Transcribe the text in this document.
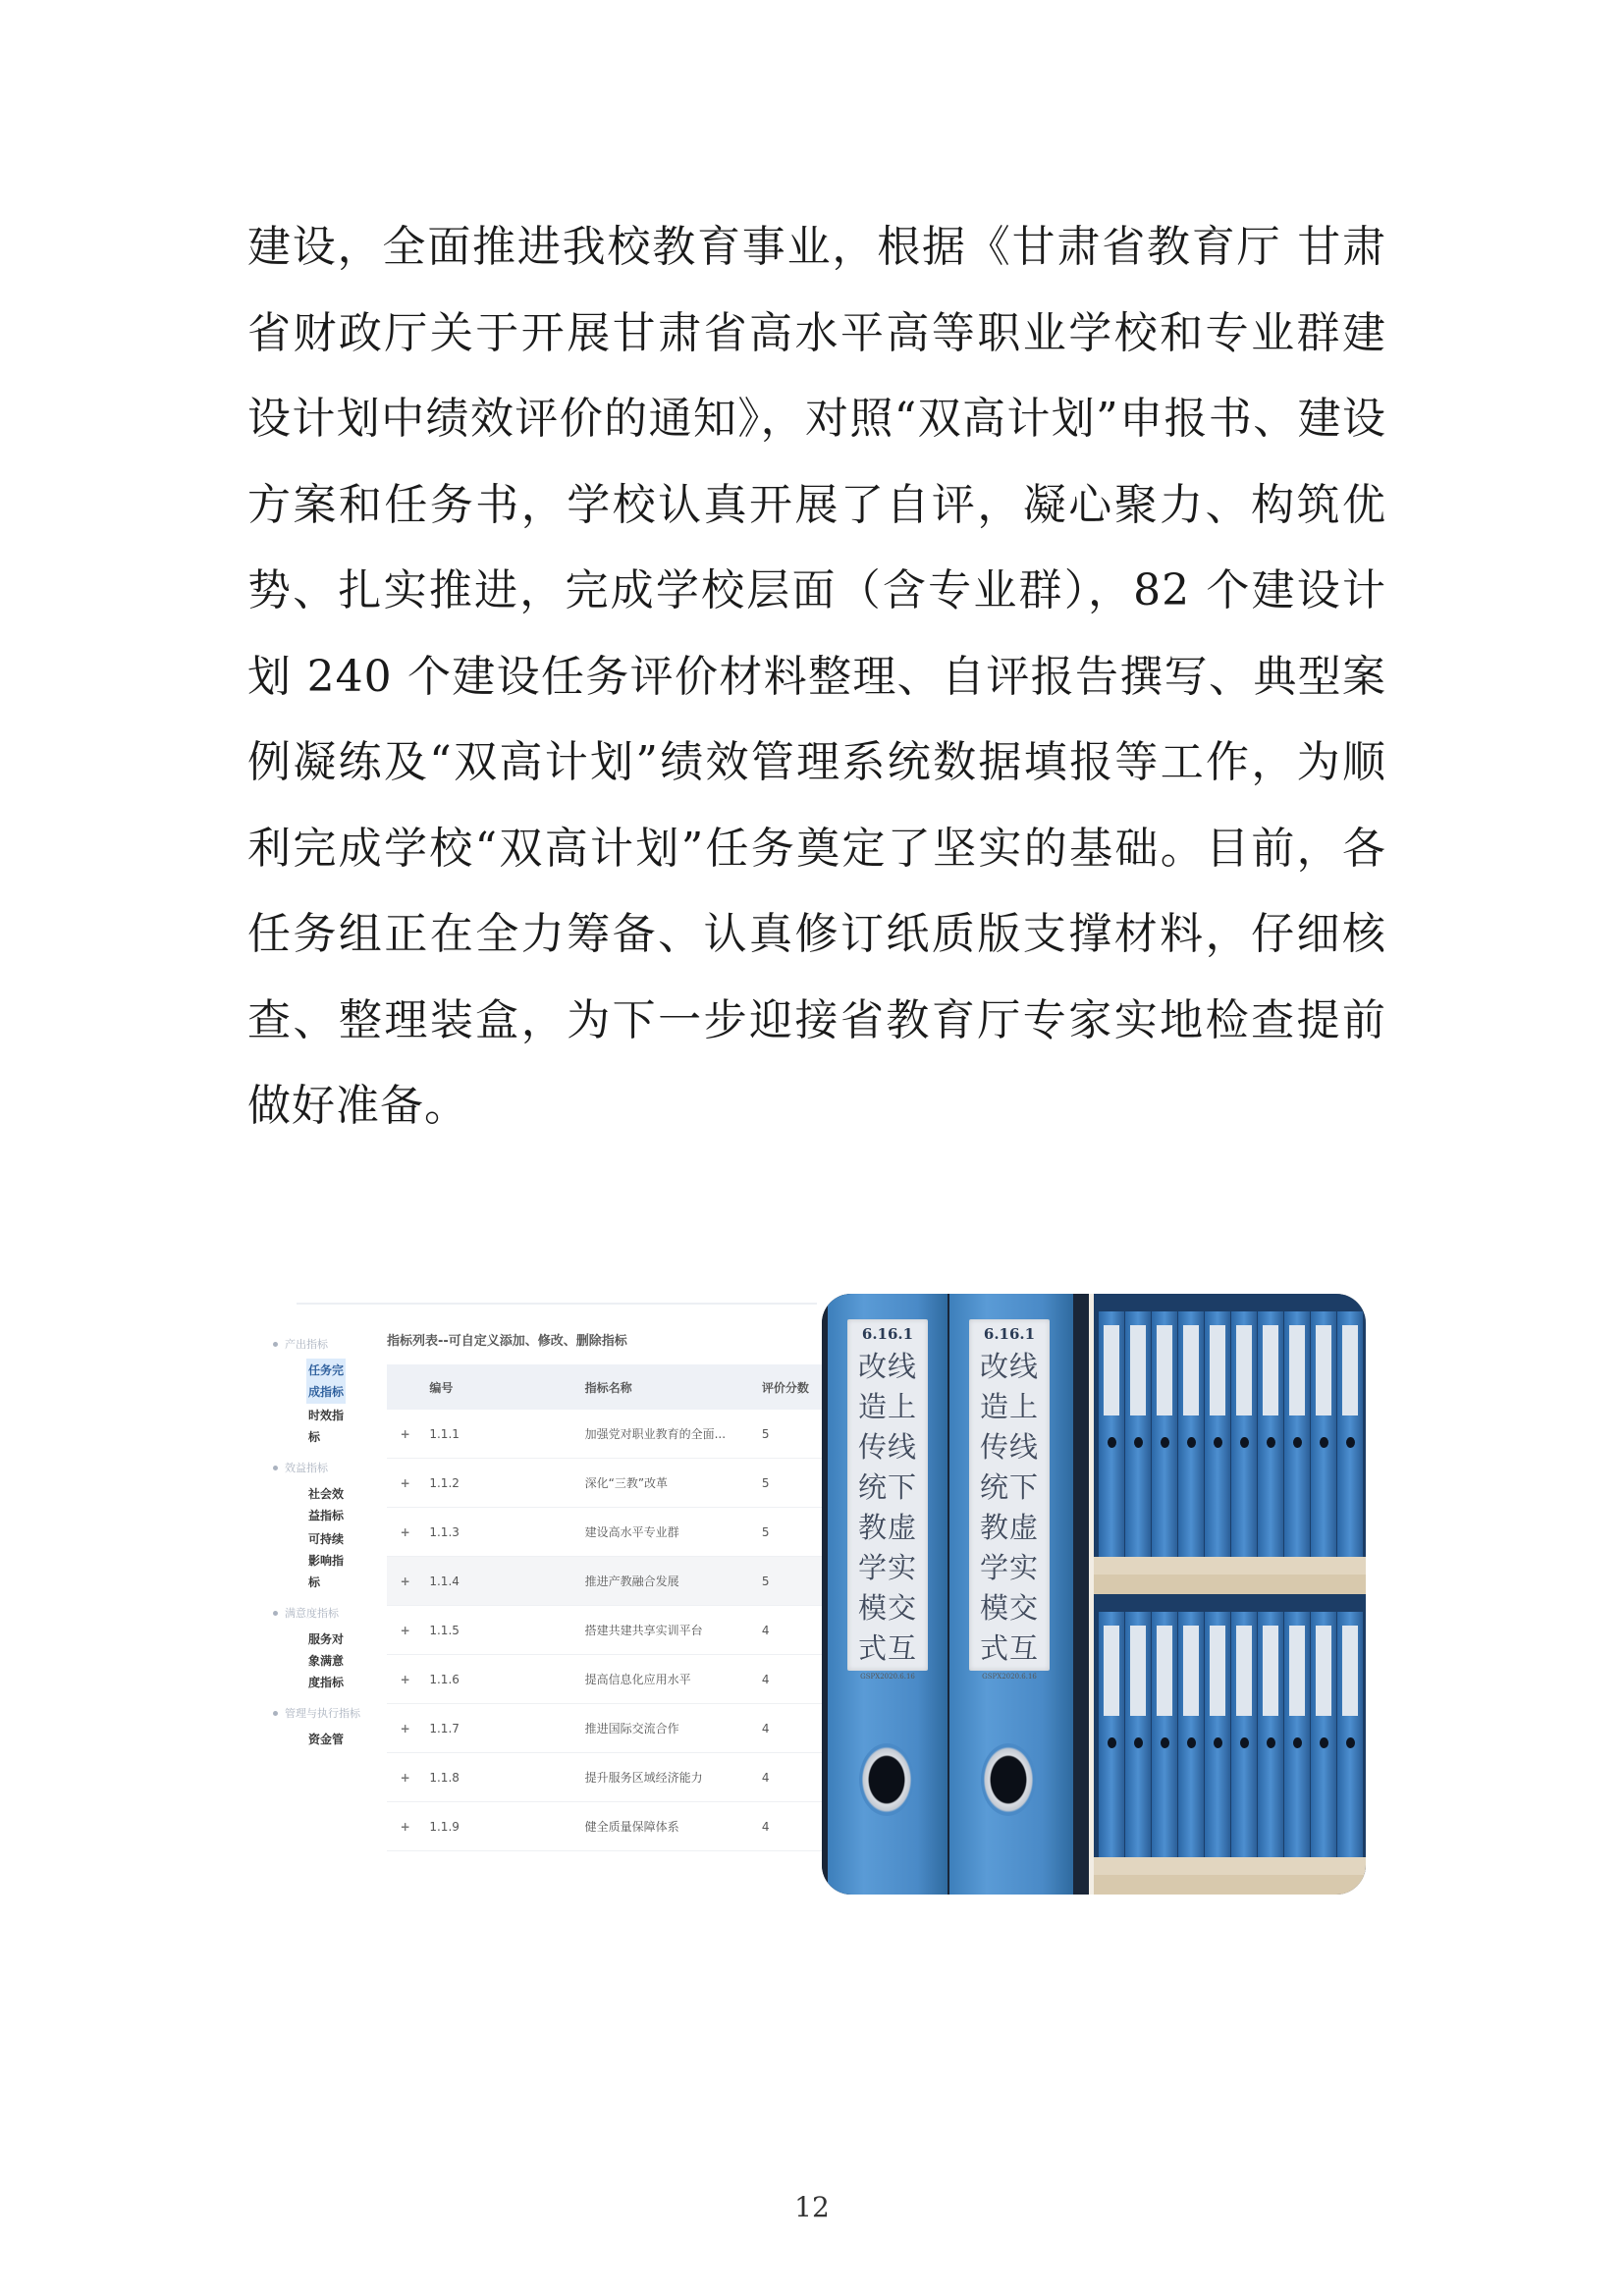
建设，全面推进我校教育事业，根据《甘肃省教育厅 甘肃省财政厅关于开展甘肃省高水平高等职业学校和专业群建设计划中绩效评价的通知》，对照“双高计划”申报书、建设方案和任务书，学校认真开展了自评，凝心聚力、构筑优势、扎实推进，完成学校层面（含专业群），82 个建设计划 240 个建设任务评价材料整理、自评报告撰写、典型案例凝练及“双高计划”绩效管理系统数据填报等工作，为顺利完成学校“双高计划”任务奠定了坚实的基础。目前，各任务组正在全力筹备、认真修订纸质版支撑材料，仔细核查、整理装盒，为下一步迎接省教育厅专家实地检查提前做好准备。

产出指标
任务完成指标
时效指标
效益指标
社会效益指标
可持续影响指标
满意度指标
服务对象满意度指标
管理与执行指标
资金管
指标列表--可自定义添加、修改、删除指标
	编号	指标名称	评价分数
+	1.1.1	加强党对职业教育的全面...	5
+	1.1.2	深化“三教”改革	5
+	1.1.3	建设高水平专业群	5
+	1.1.4	推进产教融合发展	5
+	1.1.5	搭建共建共享实训平台	4
+	1.1.6	提高信息化应用水平	4
+	1.1.7	推进国际交流合作	4
+	1.1.8	提升服务区域经济能力	4
+	1.1.9	健全质量保障体系	4
6.16.1
改线造上传线统下教虚学实模交式互
GSPX2020.6.16
6.16.1
改线造上传线统下教虚学实模交式互
GSPX2020.6.16
12
